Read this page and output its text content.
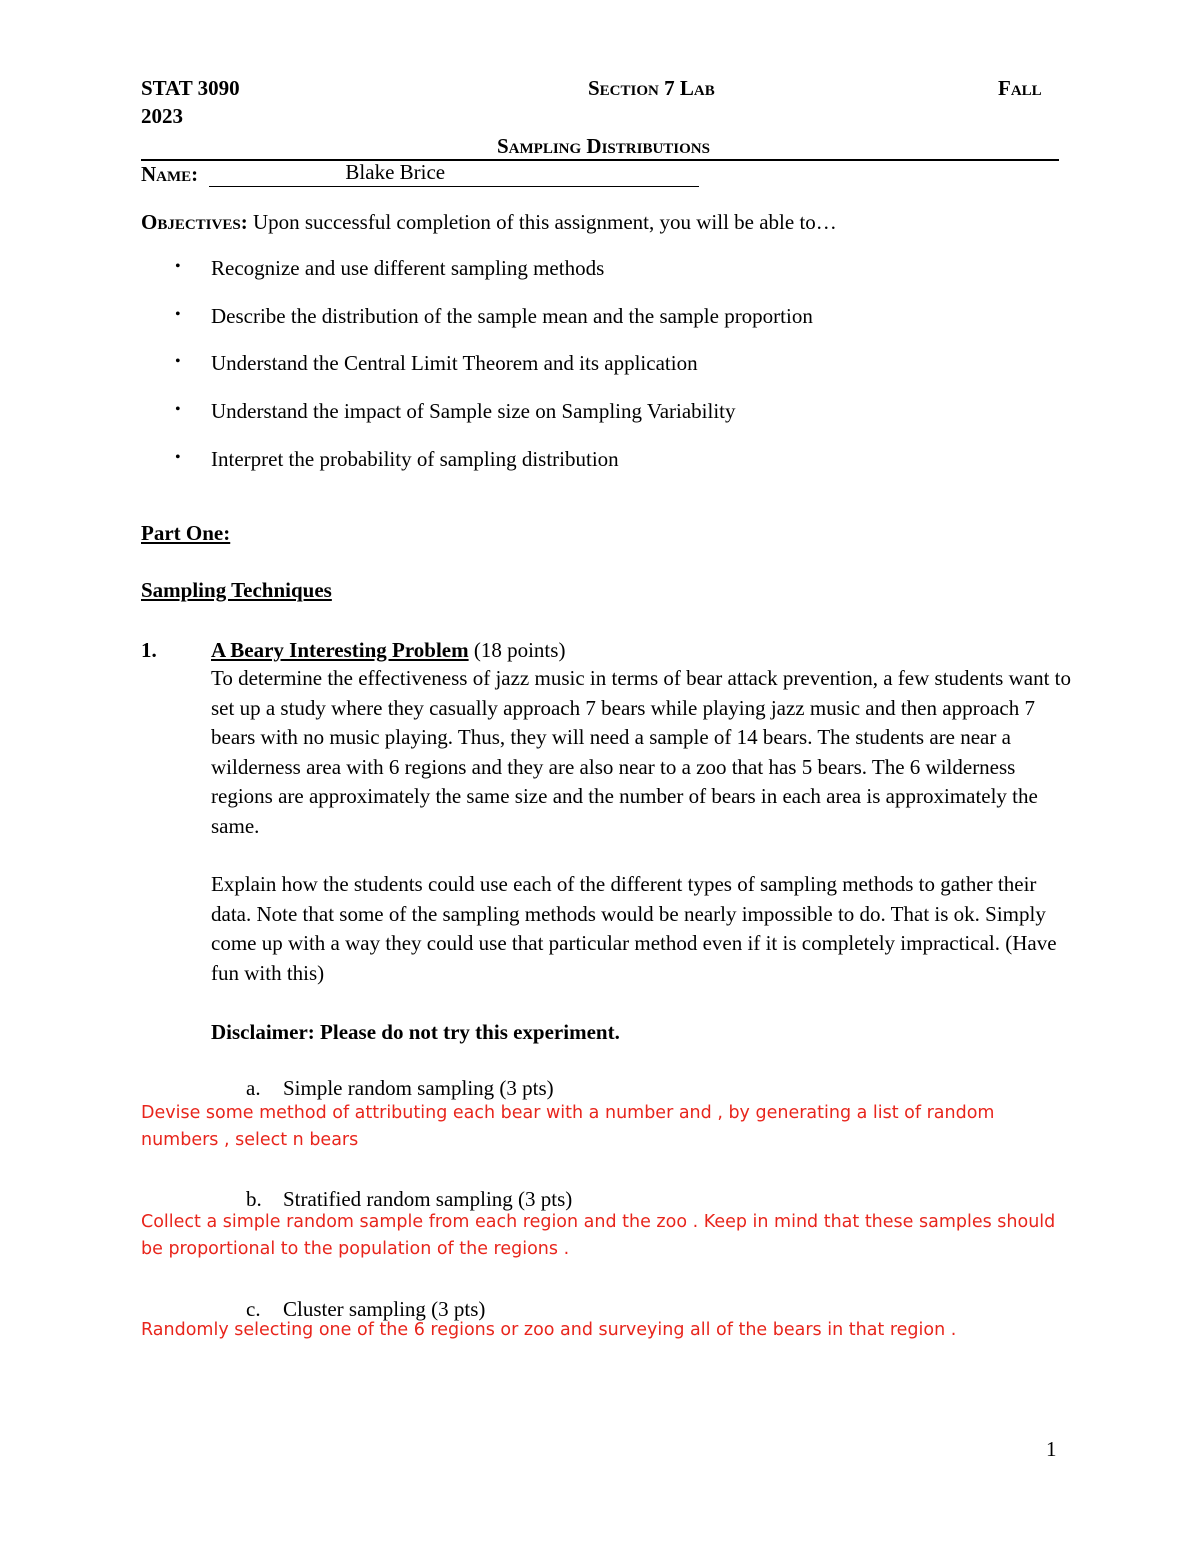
STAT 3090	Section 7 Lab	Fall
2023
Sampling Distributions
Name:	Blake Brice
Objectives: Upon successful completion of this assignment, you will be able to…
• Recognize and use different sampling methods
• Describe the distribution of the sample mean and the sample proportion
• Understand the Central Limit Theorem and its application
• Understand the impact of Sample size on Sampling Variability
• Interpret the probability of sampling distribution
Part One:
Sampling Techniques
1.	A Beary Interesting Problem (18 points)
To determine the effectiveness of jazz music in terms of bear attack prevention, a few students want to set up a study where they casually approach 7 bears while playing jazz music and then approach 7 bears with no music playing. Thus, they will need a sample of 14 bears. The students are near a wilderness area with 6 regions and they are also near to a zoo that has 5 bears. The 6 wilderness regions are approximately the same size and the number of bears in each area is approximately the same.
Explain how the students could use each of the different types of sampling methods to gather their data. Note that some of the sampling methods would be nearly impossible to do. That is ok. Simply come up with a way they could use that particular method even if it is completely impractical. (Have fun with this)
Disclaimer: Please do not try this experiment.
a. Simple random sampling (3 pts)
Devise some method of attributing each bear with a number and , by generating a list of random numbers , select n bears
b. Stratified random sampling (3 pts)
Collect a simple random sample from each region and the zoo . Keep in mind that these samples should be proportional to the population of the regions .
c. Cluster sampling (3 pts)
Randomly selecting one of the 6 regions or zoo and surveying all of the bears in that region .
1
